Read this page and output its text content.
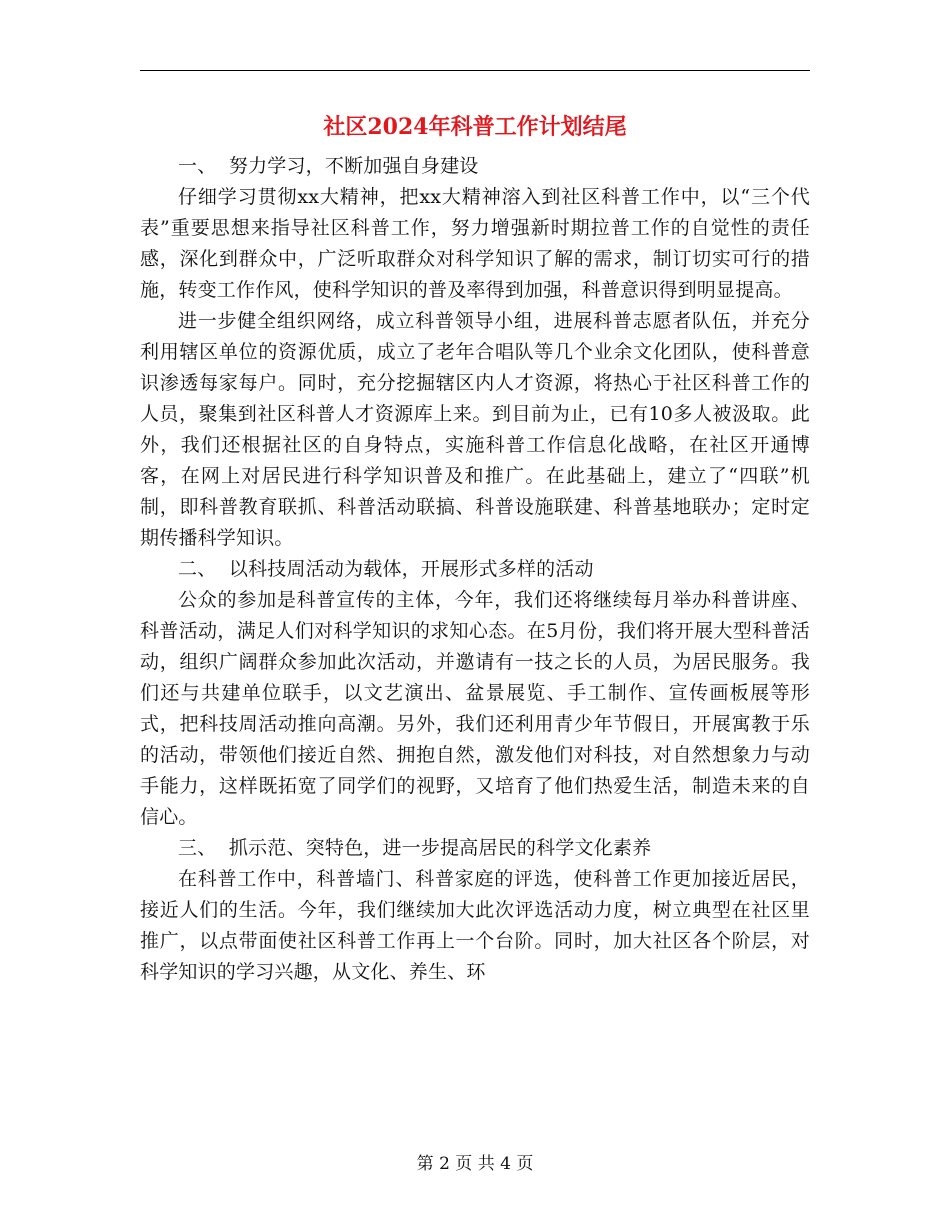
社区2024年科普工作计划结尾

一、  努力学习，不断加强自身建设

仔细学习贯彻xx大精神，把xx大精神溶入到社区科普工作中，以“三个代表”重要思想来指导社区科普工作，努力增强新时期拉普工作的自觉性的责任感，深化到群众中，广泛听取群众对科学知识了解的需求，制订切实可行的措施，转变工作作风，使科学知识的普及率得到加强，科普意识得到明显提高。

进一步健全组织网络，成立科普领导小组，进展科普志愿者队伍，并充分利用辖区单位的资源优质，成立了老年合唱队等几个业余文化团队，使科普意识渗透每家每户。同时，充分挖掘辖区内人才资源，将热心于社区科普工作的人员，聚集到社区科普人才资源库上来。到目前为止，已有10多人被汲取。此外，我们还根据社区的自身特点，实施科普工作信息化战略，在社区开通博客，在网上对居民进行科学知识普及和推广。在此基础上，建立了“四联”机制，即科普教育联抓、科普活动联搞、科普设施联建、科普基地联办；定时定期传播科学知识。

二、  以科技周活动为载体，开展形式多样的活动

公众的参加是科普宣传的主体，今年，我们还将继续每月举办科普讲座、科普活动，满足人们对科学知识的求知心态。在5月份，我们将开展大型科普活动，组织广阔群众参加此次活动，并邀请有一技之长的人员，为居民服务。我们还与共建单位联手，以文艺演出、盆景展览、手工制作、宣传画板展等形式，把科技周活动推向高潮。另外，我们还利用青少年节假日，开展寓教于乐的活动，带领他们接近自然、拥抱自然，激发他们对科技，对自然想象力与动手能力，这样既拓宽了同学们的视野，又培育了他们热爱生活，制造未来的自信心。

三、  抓示范、突特色，进一步提高居民的科学文化素养

在科普工作中，科普墙门、科普家庭的评选，使科普工作更加接近居民，接近人们的生活。今年，我们继续加大此次评选活动力度，树立典型在社区里推广，以点带面使社区科普工作再上一个台阶。同时，加大社区各个阶层，对科学知识的学习兴趣，从文化、养生、环

第 2 页 共 4 页
